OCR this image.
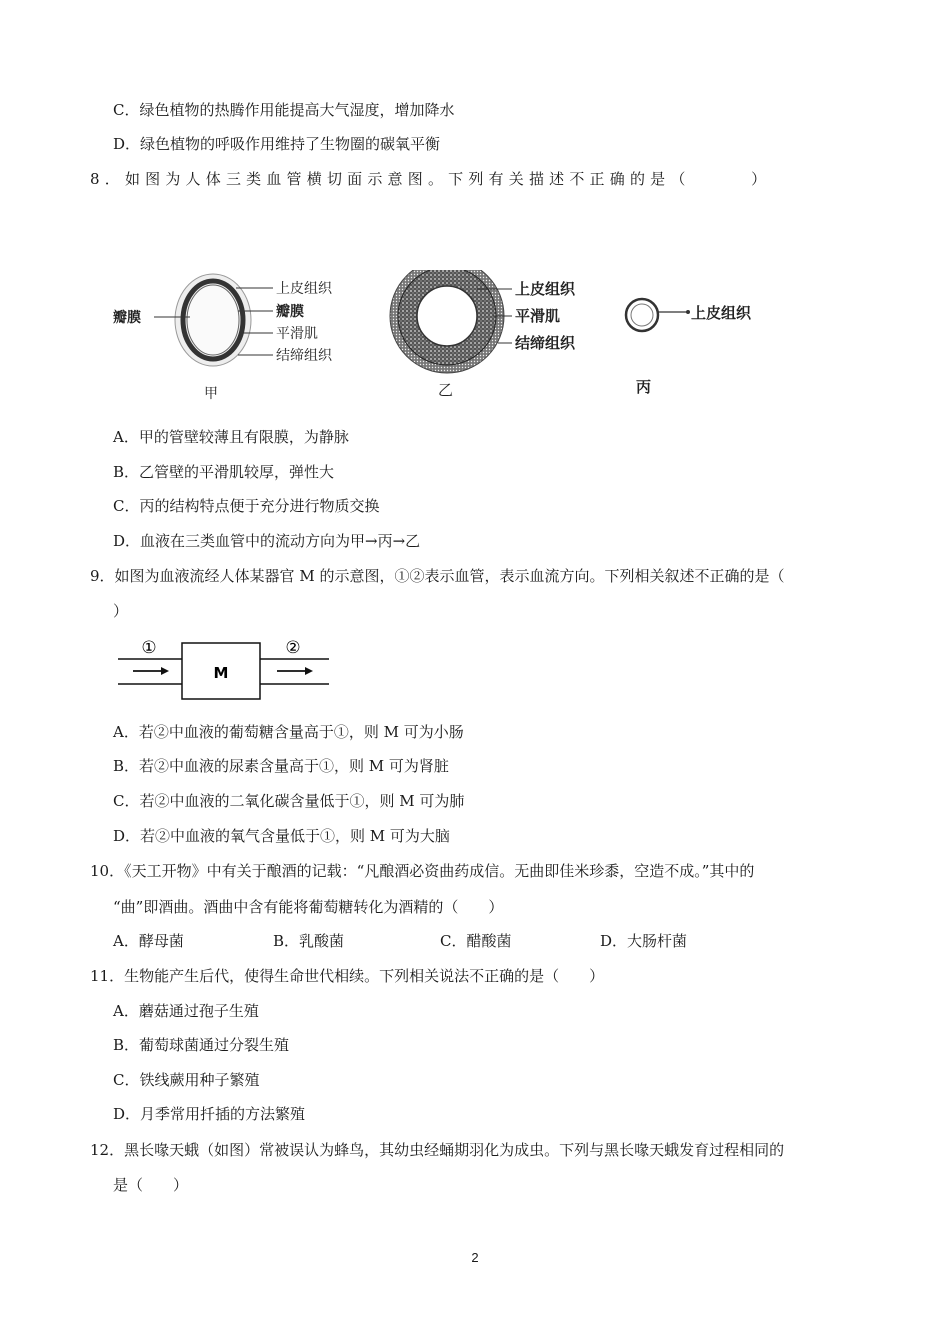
C．绿色植物的热腾作用能提高大气湿度，增加降水
D．绿色植物的呼吸作用维持了生物圈的碳氧平衡
8．如图为人体三类血管横切面示意图。下列有关描述不正确的是（　　　）
瓣膜
上皮组织
瓣膜
平滑肌
结缔组织
甲
上皮组织
平滑肌
结缔组织
乙
上皮组织
丙
A．甲的管壁较薄且有限膜，为静脉
B．乙管壁的平滑肌较厚，弹性大
C．丙的结构特点便于充分进行物质交换
D．血液在三类血管中的流动方向为甲→丙→乙
9．如图为血液流经人体某器官 M 的示意图，①②表示血管，表示血流方向。下列相关叙述不正确的是（
）
M
①	②
A．若②中血液的葡萄糖含量高于①，则 M 可为小肠
B．若②中血液的尿素含量高于①，则 M 可为肾脏
C．若②中血液的二氧化碳含量低于①，则 M 可为肺
D．若②中血液的氧气含量低于①，则 M 可为大脑
10．《天工开物》中有关于酿酒的记载：“凡酿酒必资曲药成信。无曲即佳米珍黍，空造不成。”其中的
“曲”即酒曲。酒曲中含有能将葡萄糖转化为酒精的（　　）
A．酵母菌	B．乳酸菌	C．醋酸菌	D．大肠杆菌
11．生物能产生后代，使得生命世代相续。下列相关说法不正确的是（　　）
A．蘑菇通过孢子生殖
B．葡萄球菌通过分裂生殖
C．铁线蕨用种子繁殖
D．月季常用扦插的方法繁殖
12．黑长喙天蛾（如图）常被误认为蜂鸟，其幼虫经蛹期羽化为成虫。下列与黑长喙天蛾发育过程相同的
是（　　）
2
